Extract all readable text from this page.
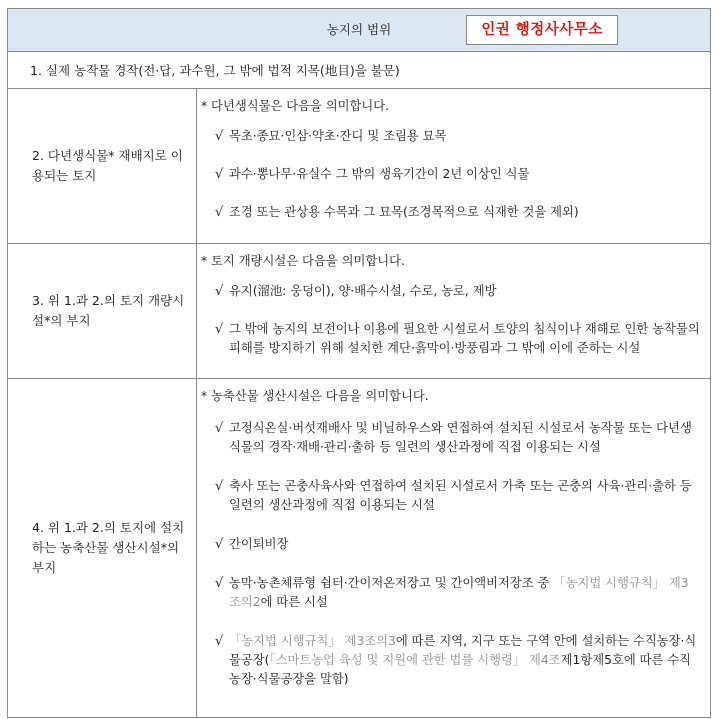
농지의 범위	인권 행정사사무소
1. 실제 농작물 경작(전·답, 과수원, 그 밖에 법적 지목(地目)을 불문)
2. 다년생식물* 재배지로 이용되는 토지
* 다년생식물은 다음을 의미합니다.
√ 목초·종묘·인삼·약초·잔디 및 조림용 묘목
√ 과수·뽕나무·유실수 그 밖의 생육기간이 2년 이상인 식물
√ 조경 또는 관상용 수목과 그 묘목(조경목적으로 식재한 것을 제외)
3. 위 1.과 2.의 토지 개량시설*의 부지
* 토지 개량시설은 다음을 의미합니다.
√ 유지(溜池: 웅덩이), 양·배수시설, 수로, 농로, 제방
√ 그 밖에 농지의 보전이나 이용에 필요한 시설로서 토양의 침식이나 재해로 인한 농작물의 피해를 방지하기 위해 설치한 계단·흙막이·방풍림과 그 밖에 이에 준하는 시설
4. 위 1.과 2.의 토지에 설치하는 농축산물 생산시설*의 부지
* 농축산물 생산시설은 다음을 의미합니다.
√ 고정식온실·버섯재배사 및 비닐하우스와 연접하여 설치된 시설로서 농작물 또는 다년생식물의 경작·재배·관리·출하 등 일련의 생산과정에 직접 이용되는 시설
√ 축사 또는 곤충사육사와 연접하여 설치된 시설로서 가축 또는 곤충의 사육·관리·출하 등 일련의 생산과정에 직접 이용되는 시설
√ 간이퇴비장
√ 농막·농촌체류형 쉼터·간이저온저장고 및 간이액비저장조 중 「농지법 시행규칙」 제3조의2에 따른 시설
√ 「농지법 시행규칙」 제3조의3에 따른 지역, 지구 또는 구역 안에 설치하는 수직농장·식물공장(「스마트농업 육성 및 지원에 관한 법률 시행령」 제4조제1항제5호에 따른 수직농장·식물공장을 말함)
